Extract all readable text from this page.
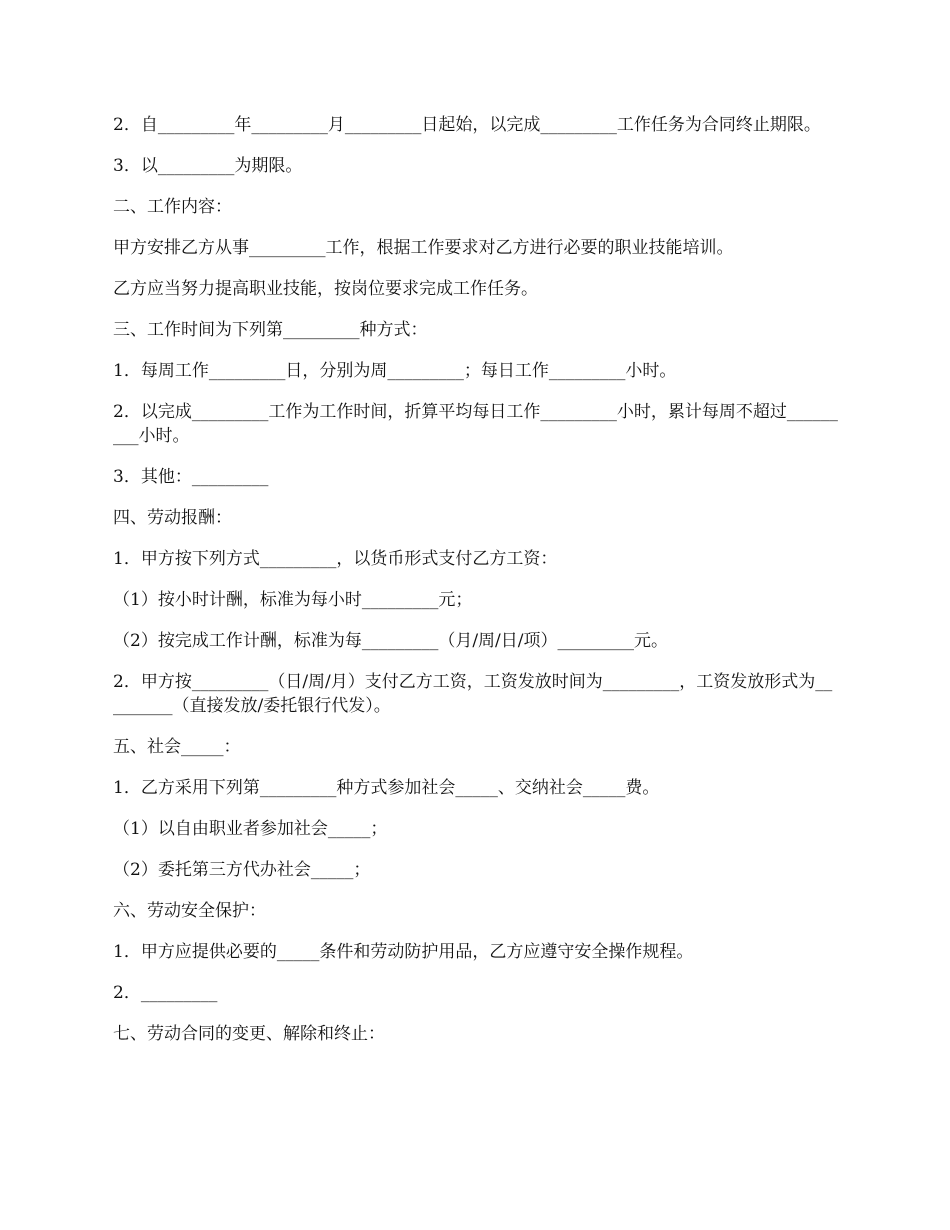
2．自_________年_________月_________日起始，以完成_________工作任务为合同终止期限。

3．以_________为期限。

二、工作内容：

甲方安排乙方从事_________工作，根据工作要求对乙方进行必要的职业技能培训。

乙方应当努力提高职业技能，按岗位要求完成工作任务。

三、工作时间为下列第_________种方式：

1．每周工作_________日，分别为周_________；每日工作_________小时。

2．以完成_________工作为工作时间，折算平均每日工作_________小时，累计每周不超过_________小时。

3．其他：_________

四、劳动报酬：

1．甲方按下列方式_________，以货币形式支付乙方工资：

（1）按小时计酬，标准为每小时_________元；

（2）按完成工作计酬，标准为每_________（月/周/日/项）_________元。

2．甲方按_________（日/周/月）支付乙方工资，工资发放时间为_________，工资发放形式为_________（直接发放/委托银行代发）。

五、社会_____：

1．乙方采用下列第_________种方式参加社会_____、交纳社会_____费。

（1）以自由职业者参加社会_____；

（2）委托第三方代办社会_____；

六、劳动安全保护：

1．甲方应提供必要的_____条件和劳动防护用品，乙方应遵守安全操作规程。

2．_________

七、劳动合同的变更、解除和终止：
